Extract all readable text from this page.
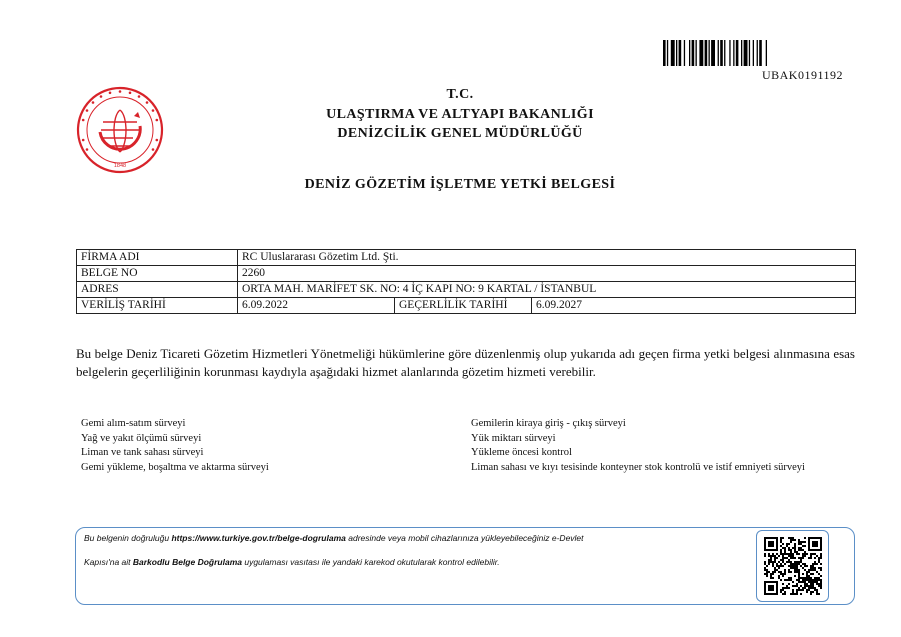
UBAK0191192
1848
T.C.
ULAŞTIRMA VE ALTYAPI BAKANLIĞI
DENİZCİLİK GENEL MÜDÜRLÜĞÜ
DENİZ GÖZETİM İŞLETME YETKİ BELGESİ
FİRMA ADI	RC Uluslararası Gözetim Ltd. Şti.		
BELGE NO	2260		
ADRES	ORTA MAH. MARİFET SK. NO: 4 İÇ KAPI NO: 9 KARTAL / İSTANBUL		
VERİLİŞ TARİHİ	6.09.2022	GEÇERLİLİK TARİHİ	6.09.2027
Bu belge Deniz Ticareti Gözetim Hizmetleri Yönetmeliği hükümlerine göre düzenlenmiş olup yukarıda adı geçen firma yetki belgesi alınmasına esas belgelerin geçerliliğinin korunması kaydıyla aşağıdaki hizmet alanlarında gözetim hizmeti verebilir.
Gemi alım-satım sürveyi
Yağ ve yakıt ölçümü sürveyi
Liman ve tank sahası sürveyi
Gemi yükleme, boşaltma ve aktarma sürveyi
Gemilerin kiraya giriş - çıkış sürveyi
Yük miktarı sürveyi
Yükleme öncesi kontrol
Liman sahası ve kıyı tesisinde konteyner stok kontrolü ve istif emniyeti sürveyi
Bu belgenin doğruluğu https://www.turkiye.gov.tr/belge-dogrulama adresinde veya mobil cihazlarınıza yükleyebileceğiniz e-Devlet
Kapısı'na ait Barkodlu Belge Doğrulama uygulaması vasıtası ile yandaki karekod okutularak kontrol edilebilir.
